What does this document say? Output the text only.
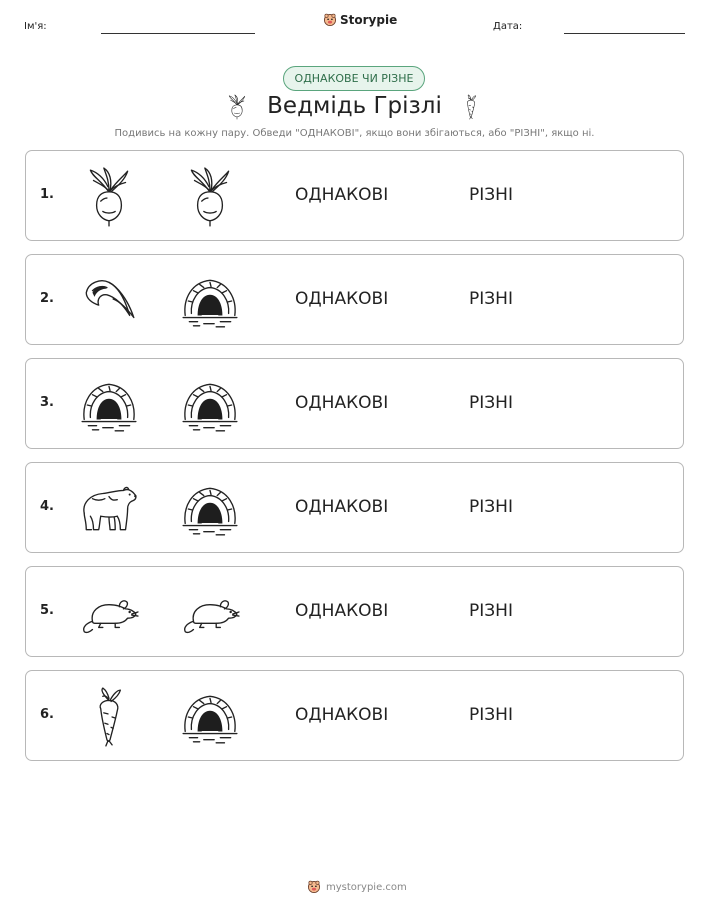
Ім'я:	Storypie	Дата:
ОДНАКОВЕ ЧИ РІЗНЕ
Ведмідь Грізлі
Подивись на кожну пару. Обведи "ОДНАКОВІ", якщо вони збігаються, або "РІЗНІ", якщо ні.
1.	ОДНАКОВІ	РІЗНІ
2.	ОДНАКОВІ	РІЗНІ
3.	ОДНАКОВІ	РІЗНІ
4.	ОДНАКОВІ	РІЗНІ
5.	ОДНАКОВІ	РІЗНІ
6.	ОДНАКОВІ	РІЗНІ
mystorypie.com
